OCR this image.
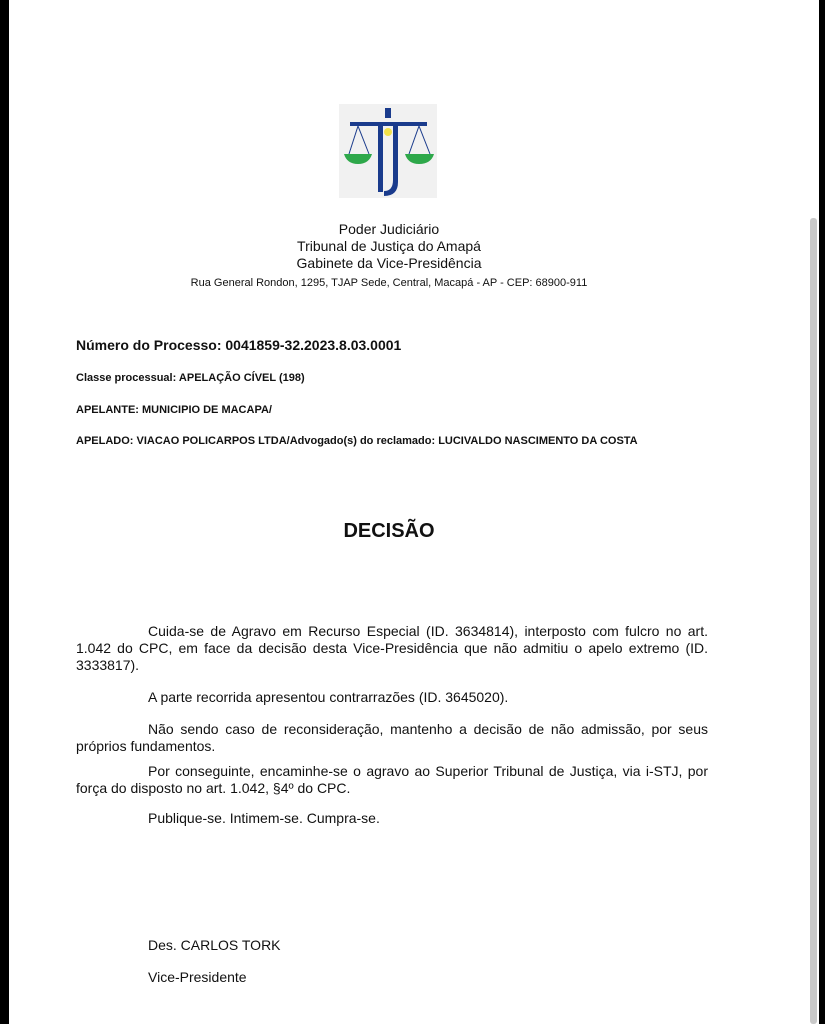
Poder Judiciário
Tribunal de Justiça do Amapá
Gabinete da Vice-Presidência
Rua General Rondon, 1295, TJAP Sede, Central, Macapá - AP - CEP: 68900-911
Número do Processo: 0041859-32.2023.8.03.0001
Classe processual: APELAÇÃO CÍVEL (198)
APELANTE: MUNICIPIO DE MACAPA/
APELADO: VIACAO POLICARPOS LTDA/Advogado(s) do reclamado: LUCIVALDO NASCIMENTO DA COSTA
DECISÃO
Cuida-se de Agravo em Recurso Especial (ID. 3634814), interposto com fulcro no art. 1.042 do CPC, em face da decisão desta Vice-Presidência que não admitiu o apelo extremo (ID. 3333817).
A parte recorrida apresentou contrarrazões (ID. 3645020).
Não sendo caso de reconsideração, mantenho a decisão de não admissão, por seus próprios fundamentos.
Por conseguinte, encaminhe-se o agravo ao Superior Tribunal de Justiça, via i-STJ, por força do disposto no art. 1.042, §4º do CPC.
Publique-se. Intimem-se. Cumpra-se.
Des. CARLOS TORK
Vice-Presidente
